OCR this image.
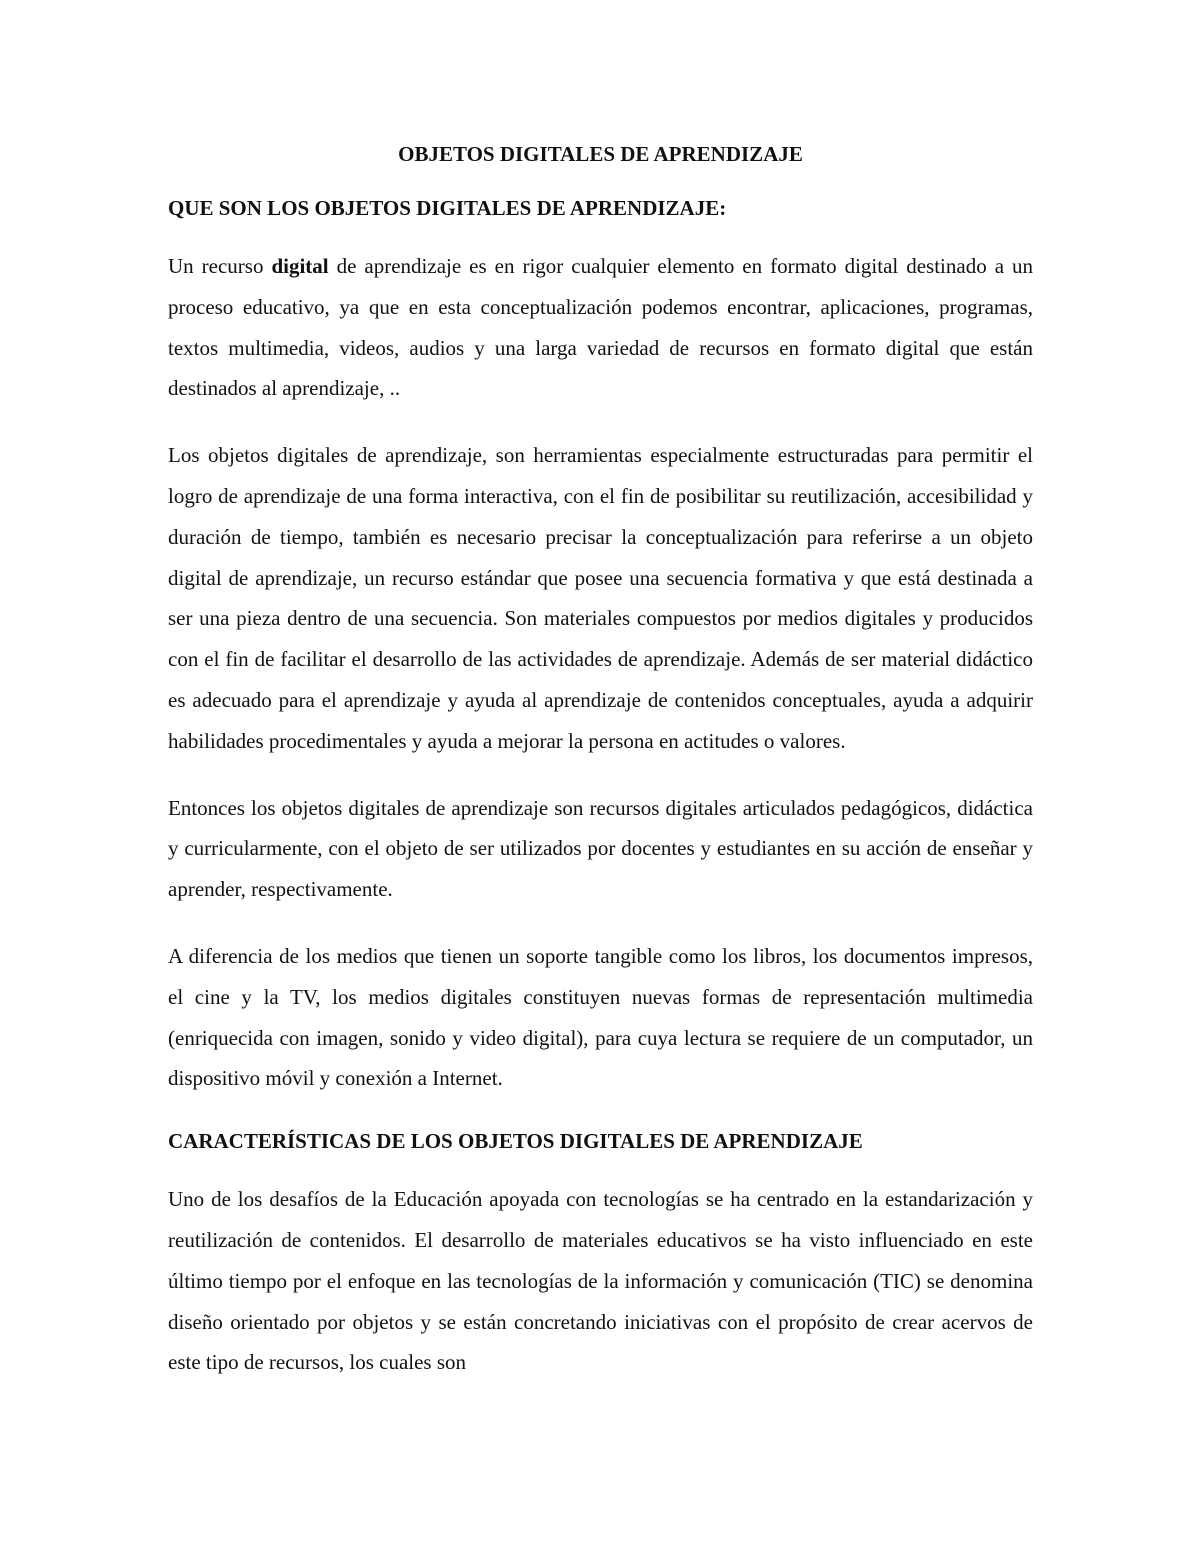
OBJETOS DIGITALES DE APRENDIZAJE
QUE SON LOS OBJETOS DIGITALES DE APRENDIZAJE:

Un recurso digital de aprendizaje es en rigor cualquier elemento en formato digital destinado a un proceso educativo, ya que en esta conceptualización podemos encontrar, aplicaciones, programas, textos multimedia, videos, audios y una larga variedad de recursos en formato digital que están destinados al aprendizaje, ..

Los objetos digitales de aprendizaje, son herramientas especialmente estructuradas para permitir el logro de aprendizaje de una forma interactiva, con el fin de posibilitar su reutilización, accesibilidad y duración de tiempo, también es necesario precisar la conceptualización para referirse a un objeto digital de aprendizaje, un recurso estándar que posee una secuencia formativa y que está destinada a ser una pieza dentro de una secuencia. Son materiales compuestos por medios digitales y producidos con el fin de facilitar el desarrollo de las actividades de aprendizaje. Además de ser material didáctico es adecuado para el aprendizaje y ayuda al aprendizaje de contenidos conceptuales, ayuda a adquirir habilidades procedimentales y ayuda a mejorar la persona en actitudes o valores.

Entonces los objetos digitales de aprendizaje son recursos digitales articulados pedagógicos, didáctica y curricularmente, con el objeto de ser utilizados por docentes y estudiantes en su acción de enseñar y aprender, respectivamente.

A diferencia de los medios que tienen un soporte tangible como los libros, los documentos impresos, el cine y la TV, los medios digitales constituyen nuevas formas de representación multimedia (enriquecida con imagen, sonido y video digital), para cuya lectura se requiere de un computador, un dispositivo móvil y conexión a Internet.

CARACTERÍSTICAS DE LOS OBJETOS DIGITALES DE APRENDIZAJE

Uno de los desafíos de la Educación apoyada con tecnologías se ha centrado en la estandarización y reutilización de contenidos. El desarrollo de materiales educativos se ha visto influenciado en este último tiempo por el enfoque en las tecnologías de la información y comunicación (TIC) se denomina diseño orientado por objetos y se están concretando iniciativas con el propósito de crear acervos de este tipo de recursos, los cuales son
